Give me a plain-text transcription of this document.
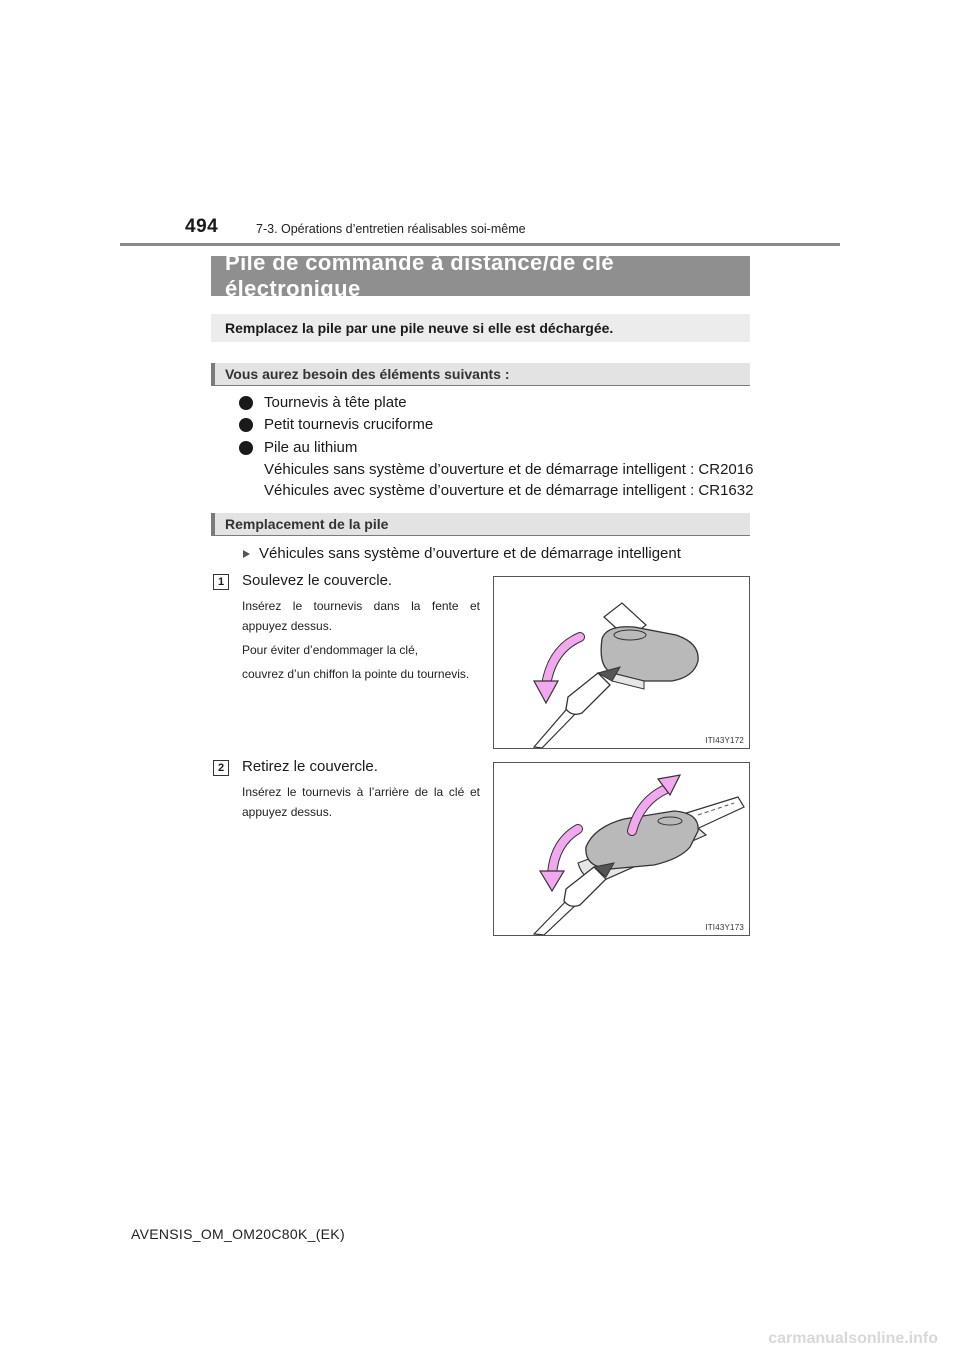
494	7-3. Opérations d’entretien réalisables soi-même
Pile de commande à distance/de clé électronique
Remplacez la pile par une pile neuve si elle est déchargée.
Vous aurez besoin des éléments suivants :
Tournevis à tête plate
Petit tournevis cruciforme
Pile au lithium
Véhicules sans système d’ouverture et de démarrage intelligent : CR2016
Véhicules avec système d’ouverture et de démarrage intelligent : CR1632
Remplacement de la pile
Véhicules sans système d’ouverture et de démarrage intelligent
1	Soulevez le couvercle.
Insérez le tournevis dans la fente et appuyez dessus.
Pour éviter d’endommager la clé,
couvrez d’un chiffon la pointe du tournevis.
ITI43Y172
2	Retirez le couvercle.
Insérez le tournevis à l’arrière de la clé et appuyez dessus.
ITI43Y173
AVENSIS_OM_OM20C80K_(EK)
carmanualsonline.info
